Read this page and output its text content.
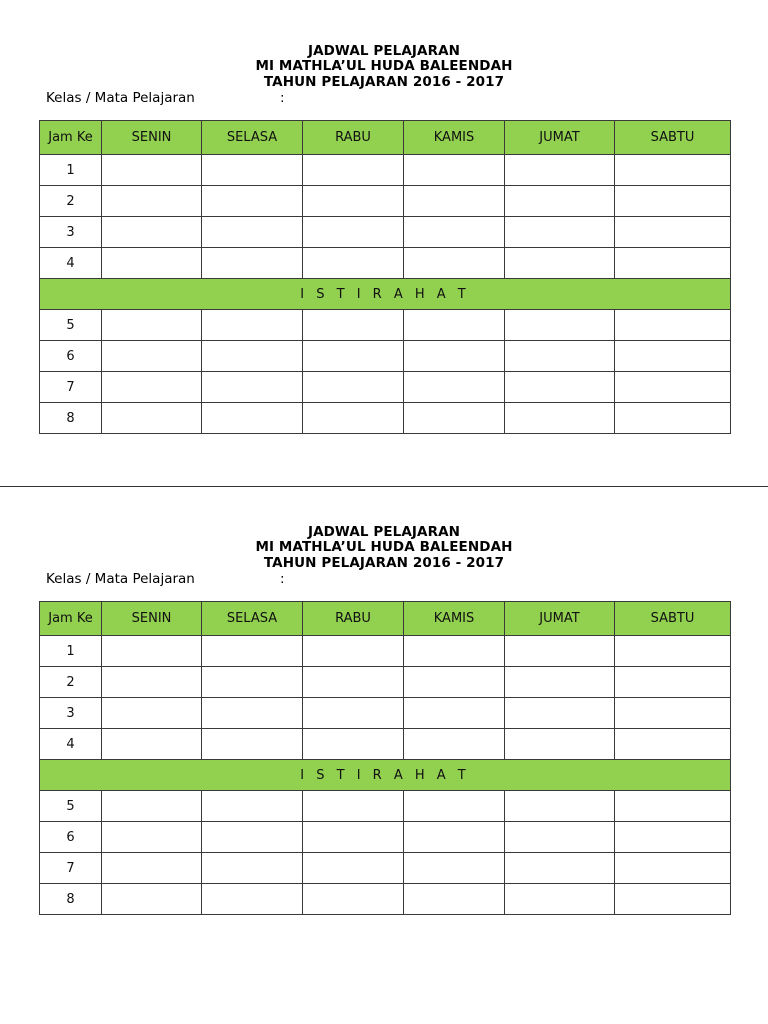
JADWAL PELAJARAN
MI MATHLA’UL HUDA BALEENDAH
TAHUN PELAJARAN 2016 - 2017
Kelas / Mata Pelajaran	:
Jam Ke	SENIN	SELASA	RABU	KAMIS	JUMAT	SABTU
1						
2						
3						
4						
I S T I R A H A T						
5						
6						
7						
8						
JADWAL PELAJARAN
MI MATHLA’UL HUDA BALEENDAH
TAHUN PELAJARAN 2016 - 2017
Kelas / Mata Pelajaran	:
Jam Ke	SENIN	SELASA	RABU	KAMIS	JUMAT	SABTU
1						
2						
3						
4						
I S T I R A H A T						
5						
6						
7						
8						
